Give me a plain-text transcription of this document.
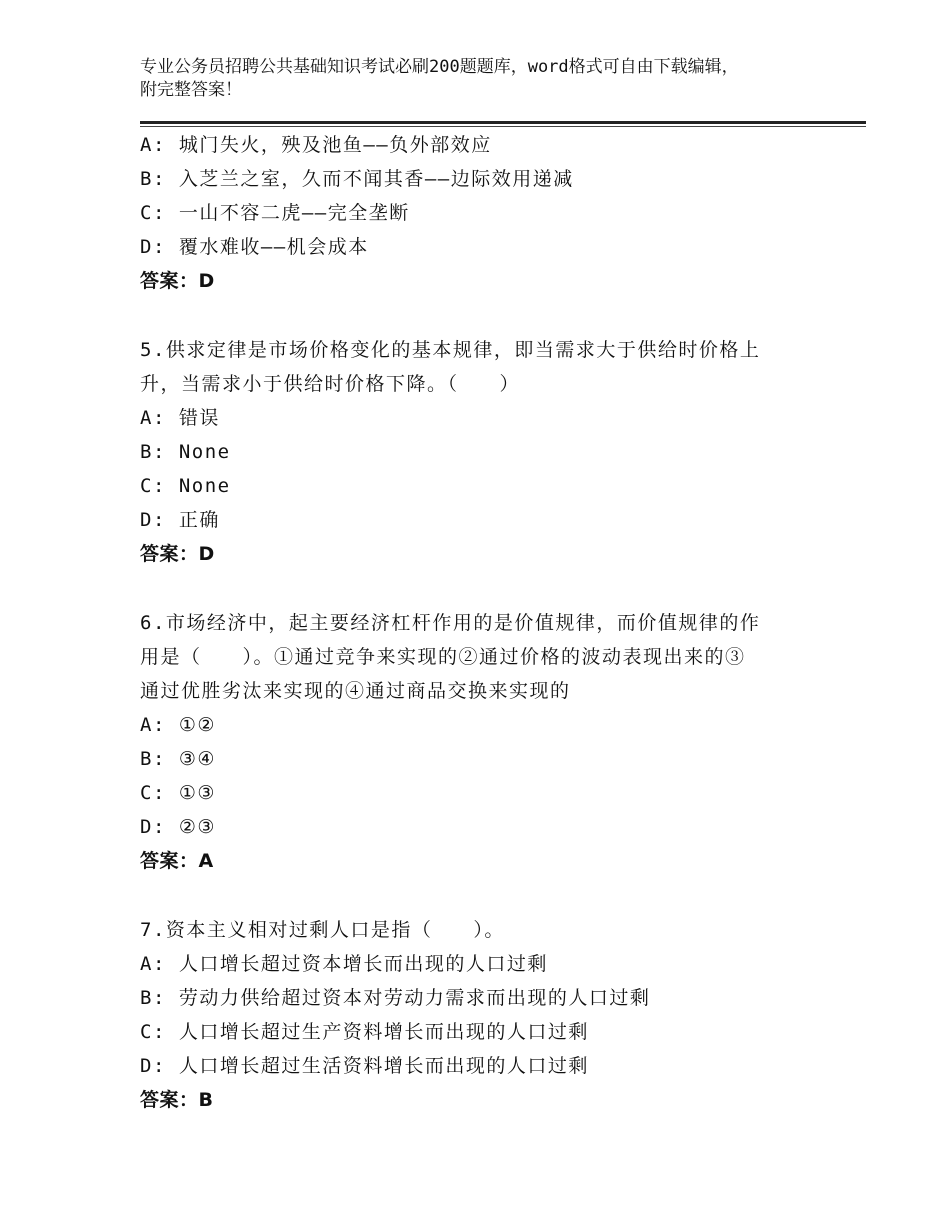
专业公务员招聘公共基础知识考试必刷200题题库，word格式可自由下载编辑，
附完整答案！
A: 城门失火，殃及池鱼——负外部效应
B: 入芝兰之室，久而不闻其香——边际效用递减
C: 一山不容二虎——完全垄断
D: 覆水难收——机会成本
答案：D
5.供求定律是市场价格变化的基本规律，即当需求大于供给时价格上
升，当需求小于供给时价格下降。（　　）
A: 错误
B: None
C: None
D: 正确
答案：D
6.市场经济中，起主要经济杠杆作用的是价值规律，而价值规律的作
用是（　　）。①通过竞争来实现的②通过价格的波动表现出来的③
通过优胜劣汰来实现的④通过商品交换来实现的
A: ①②
B: ③④
C: ①③
D: ②③
答案：A
7.资本主义相对过剩人口是指（　　）。
A: 人口增长超过资本增长而出现的人口过剩
B: 劳动力供给超过资本对劳动力需求而出现的人口过剩
C: 人口增长超过生产资料增长而出现的人口过剩
D: 人口增长超过生活资料增长而出现的人口过剩
答案：B
